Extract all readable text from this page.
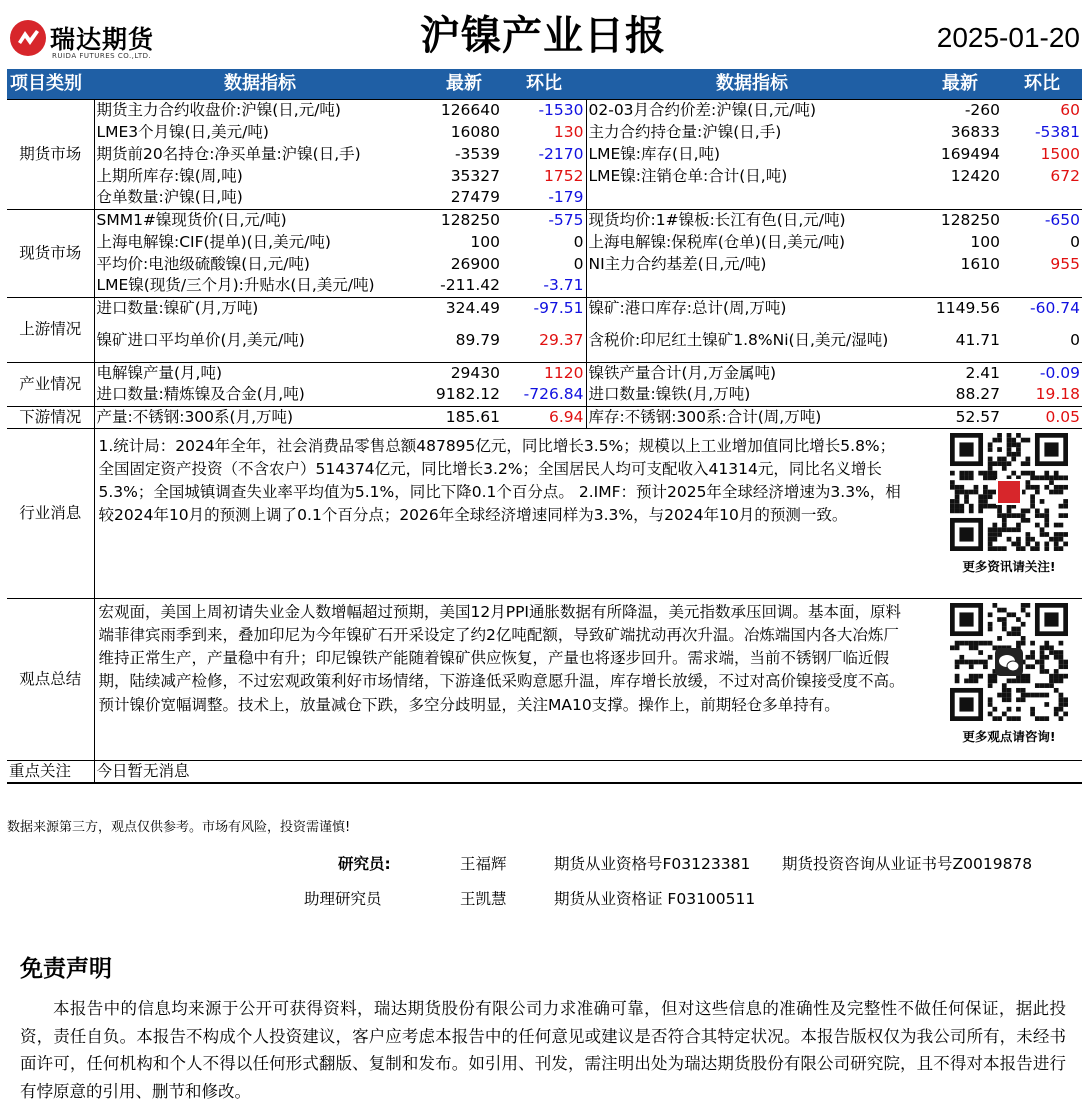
瑞达期货
RUIDA FUTURES CO.,LTD.	沪镍产业日报	2025-01-20
项目类别	数据指标	最新	环比	数据指标	最新	环比
期货市场	期货主力合约收盘价:沪镍(日,元/吨)	126640	-1530	02-03月合约价差:沪镍(日,元/吨)	-260	60
	LME3个月镍(日,美元/吨)	16080	130	主力合约持仓量:沪镍(日,手)	36833	-5381
	期货前20名持仓:净买单量:沪镍(日,手)	-3539	-2170	LME镍:库存(日,吨)	169494	1500
	上期所库存:镍(周,吨)	35327	1752	LME镍:注销仓单:合计(日,吨)	12420	672
	仓单数量:沪镍(日,吨)	27479	-179			
现货市场	SMM1#镍现货价(日,元/吨)	128250	-575	现货均价:1#镍板:长江有色(日,元/吨)	128250	-650
	上海电解镍:CIF(提单)(日,美元/吨)	100	0	上海电解镍:保税库(仓单)(日,美元/吨)	100	0
	平均价:电池级硫酸镍(日,元/吨)	26900	0	NI主力合约基差(日,元/吨)	1610	955
	LME镍(现货/三个月):升贴水(日,美元/吨)	-211.42	-3.71			
上游情况	进口数量:镍矿(月,万吨)	324.49	-97.51	镍矿:港口库存:总计(周,万吨)	1149.56	-60.74
	镍矿进口平均单价(月,美元/吨)	89.79	29.37	含税价:印尼红土镍矿1.8%Ni(日,美元/湿吨)	41.71	0
产业情况	电解镍产量(月,吨)	29430	1120	镍铁产量合计(月,万金属吨)	2.41	-0.09
	进口数量:精炼镍及合金(月,吨)	9182.12	-726.84	进口数量:镍铁(月,万吨)	88.27	19.18
下游情况	产量:不锈钢:300系(月,万吨)	185.61	6.94	库存:不锈钢:300系:合计(周,万吨)	52.57	0.05
行业消息	1.统计局：2024年全年，社会消费品零售总额487895亿元，同比增长3.5%；规模以上工业增加值同比增长5.8%；全国固定资产投资（不含农户）514374亿元，同比增长3.2%；全国居民人均可支配收入41314元，同比名义增长5.3%；全国城镇调查失业率平均值为5.1%，同比下降0.1个百分点。 2.IMF：预计2025年全球经济增速为3.3%，相较2024年10月的预测上调了0.1个百分点；2026年全球经济增速同样为3.3%，与2024年10月的预测一致。
更多资讯请关注!					

观点总结	宏观面，美国上周初请失业金人数增幅超过预期，美国12月PPI通胀数据有所降温，美元指数承压回调。基本面，原料端菲律宾雨季到来，叠加印尼为今年镍矿石开采设定了约2亿吨配额，导致矿端扰动再次升温。冶炼端国内各大冶炼厂维持正常生产，产量稳中有升；印尼镍铁产能随着镍矿供应恢复，产量也将逐步回升。需求端，当前不锈钢厂临近假期，陆续减产检修，不过宏观政策利好市场情绪，下游逢低采购意愿升温，库存增长放缓，不过对高价镍接受度不高。预计镍价宽幅调整。技术上，放量减仓下跌，多空分歧明显，关注MA10支撑。操作上，前期轻仓多单持有。
更多观点请咨询!					

重点关注	今日暂无消息					
数据来源第三方，观点仅供参考。市场有风险，投资需谨慎!
研究员:	王福辉	期货从业资格号F03123381 期货投资咨询从业证书号Z0019878
助理研究员	王凯慧	期货从业资格证 F03100511
免责声明
本报告中的信息均来源于公开可获得资料，瑞达期货股份有限公司力求准确可靠，但对这些信息的准确性及完整性不做任何保证，据此投资，责任自负。本报告不构成个人投资建议，客户应考虑本报告中的任何意见或建议是否符合其特定状况。本报告版权仅为我公司所有，未经书面许可，任何机构和个人不得以任何形式翻版、复制和发布。如引用、刊发，需注明出处为瑞达期货股份有限公司研究院，且不得对本报告进行有悖原意的引用、删节和修改。
